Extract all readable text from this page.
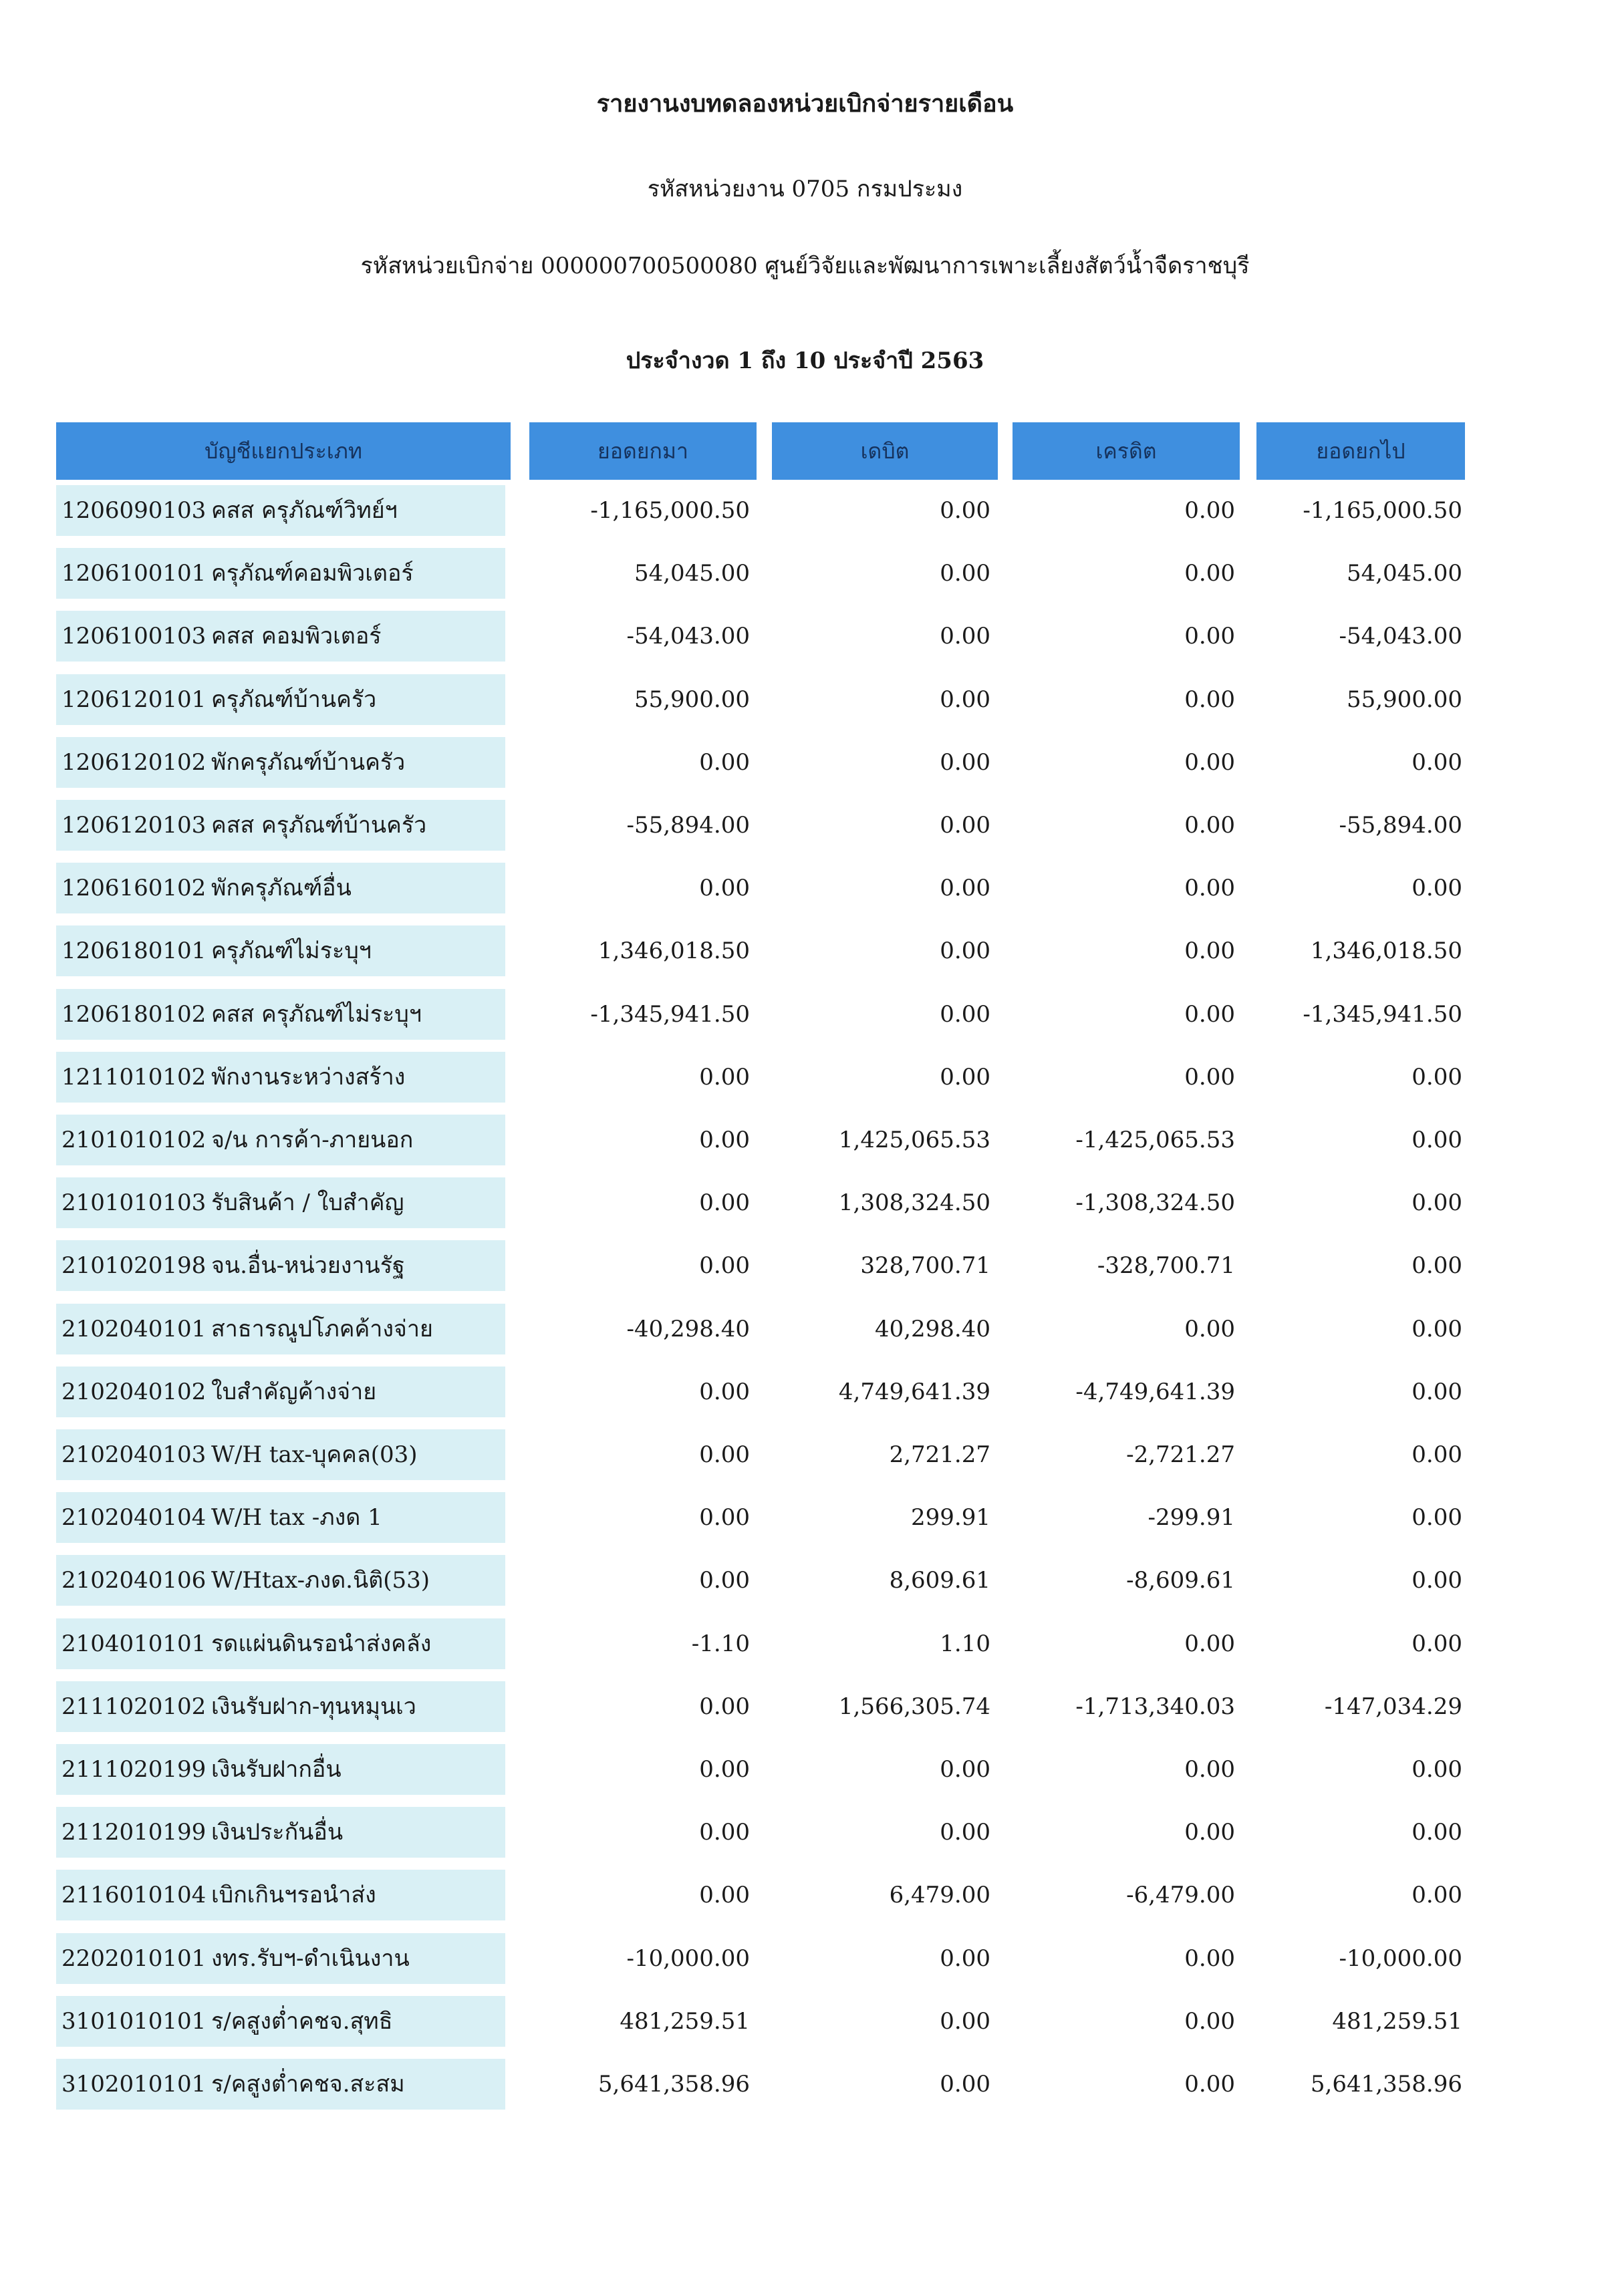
รายงานงบทดลองหน่วยเบิกจ่ายรายเดือน
รหัสหน่วยงาน 0705 กรมประมง
รหัสหน่วยเบิกจ่าย 000000700500080 ศูนย์วิจัยและพัฒนาการเพาะเลี้ยงสัตว์น้ำจืดราชบุรี
ประจำงวด 1 ถึง 10 ประจำปี 2563
บัญชีแยกประเภท	ยอดยกมา	เดบิต	เครดิต	ยอดยกไป
1206090103 คสส ครุภัณฑ์วิทย์ฯ	-1,165,000.50	0.00	0.00	-1,165,000.50
1206100101 ครุภัณฑ์คอมพิวเตอร์	54,045.00	0.00	0.00	54,045.00
1206100103 คสส คอมพิวเตอร์	-54,043.00	0.00	0.00	-54,043.00
1206120101 ครุภัณฑ์บ้านครัว	55,900.00	0.00	0.00	55,900.00
1206120102 พักครุภัณฑ์บ้านครัว	0.00	0.00	0.00	0.00
1206120103 คสส ครุภัณฑ์บ้านครัว	-55,894.00	0.00	0.00	-55,894.00
1206160102 พักครุภัณฑ์อื่น	0.00	0.00	0.00	0.00
1206180101 ครุภัณฑ์ไม่ระบุฯ	1,346,018.50	0.00	0.00	1,346,018.50
1206180102 คสส ครุภัณฑ์ไม่ระบุฯ	-1,345,941.50	0.00	0.00	-1,345,941.50
1211010102 พักงานระหว่างสร้าง	0.00	0.00	0.00	0.00
2101010102 จ/น การค้า-ภายนอก	0.00	1,425,065.53	-1,425,065.53	0.00
2101010103 รับสินค้า / ใบสำคัญ	0.00	1,308,324.50	-1,308,324.50	0.00
2101020198 จน.อื่น-หน่วยงานรัฐ	0.00	328,700.71	-328,700.71	0.00
2102040101 สาธารณูปโภคค้างจ่าย	-40,298.40	40,298.40	0.00	0.00
2102040102 ใบสำคัญค้างจ่าย	0.00	4,749,641.39	-4,749,641.39	0.00
2102040103 W/H tax-บุคคล(03)	0.00	2,721.27	-2,721.27	0.00
2102040104 W/H tax -ภงด 1	0.00	299.91	-299.91	0.00
2102040106 W/Htax-ภงด.นิติ(53)	0.00	8,609.61	-8,609.61	0.00
2104010101 รดแผ่นดินรอนำส่งคลัง	-1.10	1.10	0.00	0.00
2111020102 เงินรับฝาก-ทุนหมุนเว	0.00	1,566,305.74	-1,713,340.03	-147,034.29
2111020199 เงินรับฝากอื่น	0.00	0.00	0.00	0.00
2112010199 เงินประกันอื่น	0.00	0.00	0.00	0.00
2116010104 เบิกเกินฯรอนำส่ง	0.00	6,479.00	-6,479.00	0.00
2202010101 งทร.รับฯ-ดำเนินงาน	-10,000.00	0.00	0.00	-10,000.00
3101010101 ร/คสูงต่ำคชจ.สุทธิ	481,259.51	0.00	0.00	481,259.51
3102010101 ร/คสูงต่ำคชจ.สะสม	5,641,358.96	0.00	0.00	5,641,358.96
